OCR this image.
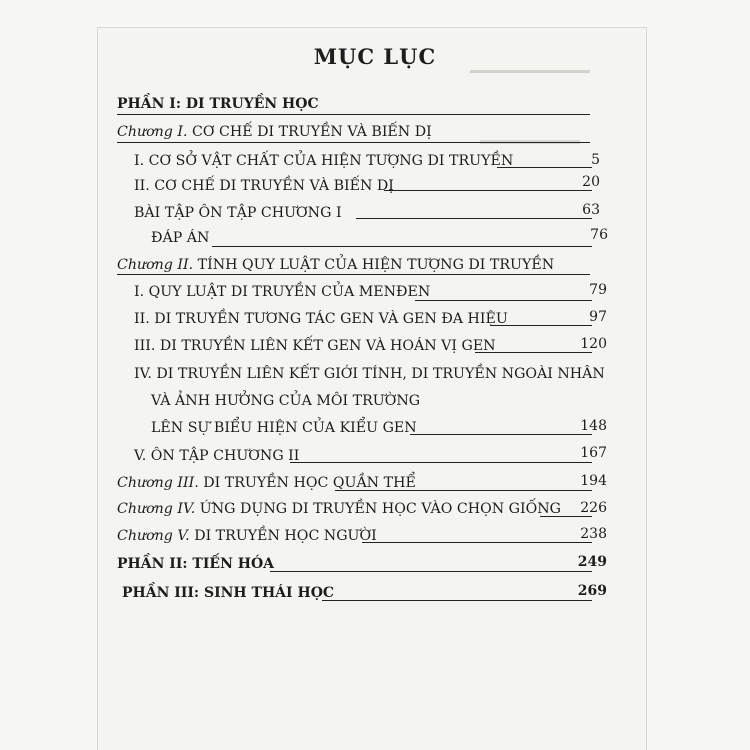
MỤC LỤC
PHẦN I: DI TRUYỀN HỌC
Chương I. CƠ CHẾ DI TRUYỀN VÀ BIẾN DỊ
I. CƠ SỞ VẬT CHẤT CỦA HIỆN TƯỢNG DI TRUYỀN	5
II. CƠ CHẾ DI TRUYỀN VÀ BIẾN DỊ	20
BÀI TẬP ÔN TẬP CHƯƠNG I	63
ĐÁP ÁN	76
Chương II. TÍNH QUY LUẬT CỦA HIỆN TƯỢNG DI TRUYỀN
I. QUY LUẬT DI TRUYỀN CỦA MENĐEN	79
II. DI TRUYỀN TƯƠNG TÁC GEN VÀ GEN ĐA HIỆU	97
III. DI TRUYỀN LIÊN KẾT GEN VÀ HOÁN VỊ GEN	120
IV. DI TRUYỀN LIÊN KẾT GIỚI TÍNH, DI TRUYỀN NGOÀI NHÂN
VÀ ẢNH HƯỞNG CỦA MÔI TRƯỜNG
LÊN SỰ BIỂU HIỆN CỦA KIỂU GEN	148
V. ÔN TẬP CHƯƠNG II	167
Chương III. DI TRUYỀN HỌC QUẦN THỂ	194
Chương IV. ỨNG DỤNG DI TRUYỀN HỌC VÀO CHỌN GIỐNG	226
Chương V. DI TRUYỀN HỌC NGƯỜI	238
PHẦN II: TIẾN HÓA	249
PHẦN III: SINH THÁI HỌC	269
